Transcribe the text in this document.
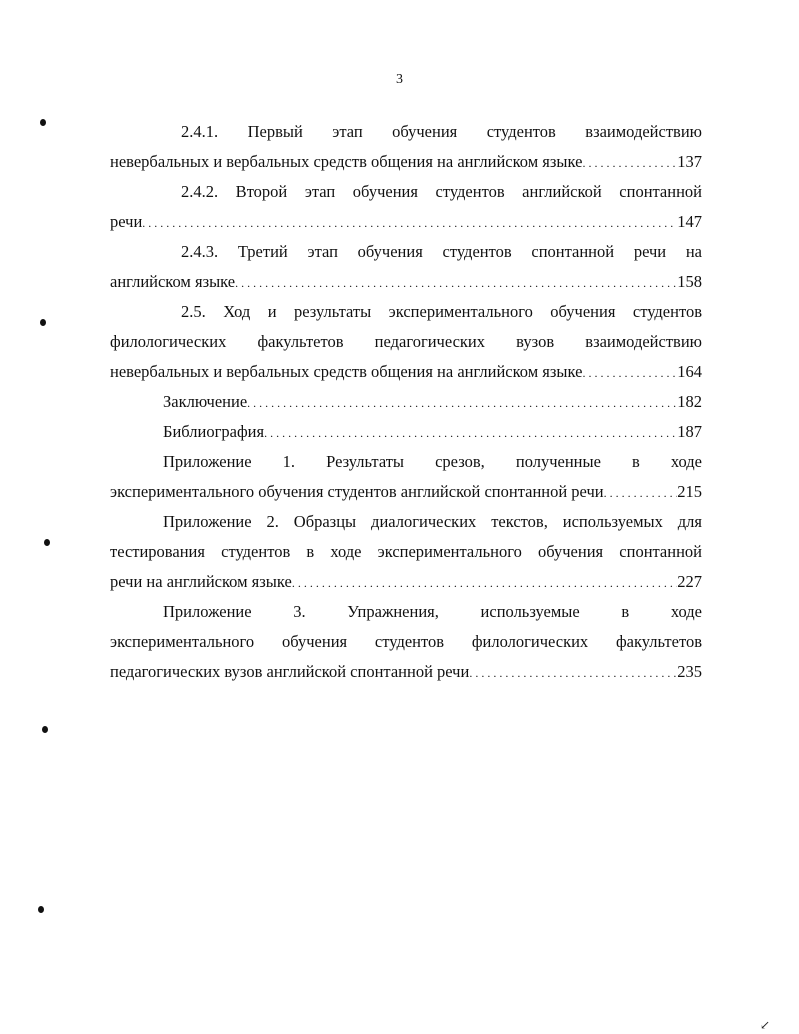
3
2.4.1. Первый этап обучения студентов взаимодействию
невербальных и вербальных средств общения на английском языке . . .	137
2.4.2. Второй этап обучения студентов английской спонтанной
речи . . .	147
2.4.3. Третий этап обучения студентов спонтанной речи на
английском языке . . .	158
2.5. Ход и результаты экспериментального обучения студентов
филологических факультетов педагогических вузов взаимодействию
невербальных и вербальных средств общения на английском языке . . .	164
Заключение . . .	182
Библиография . . .	187
Приложение 1. Результаты срезов, полученные в ходе
экспериментального обучения студентов английской спонтанной речи . . .	215
Приложение 2. Образцы диалогических текстов, используемых для
тестирования студентов в ходе экспериментального обучения спонтанной
речи на английском языке . . .	227
Приложение 3. Упражнения, используемые в ходе
экспериментального обучения студентов филологических факультетов
педагогических вузов английской спонтанной речи . . .	235
↙
